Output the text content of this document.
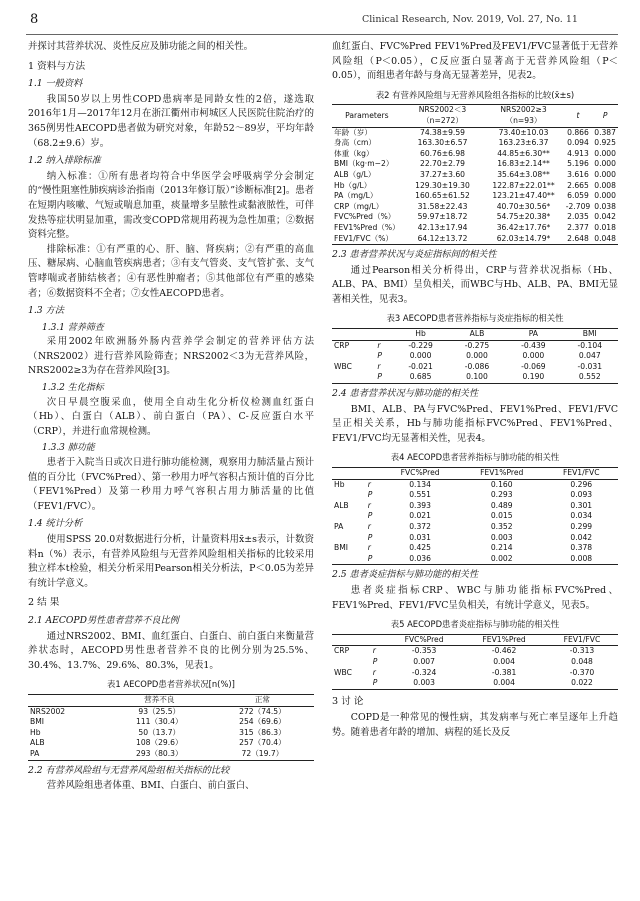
8	Clinical Research, Nov. 2019, Vol. 27, No. 11

并探讨其营养状况、炎性反应及肺功能之间的相关性。

1 资料与方法
1.1 一般资料

我国50岁以上男性COPD患病率是同龄女性的2倍，遂选取2016年1月—2017年12月在浙江衢州市柯城区人民医院住院治疗的365例男性AECOPD患者做为研究对象，年龄52～89岁，平均年龄（68.2±9.6）岁。

1.2 纳入排除标准

纳入标准：①所有患者均符合中华医学会呼吸病学分会制定的“慢性阻塞性肺疾病诊治指南（2013年修订版）”诊断标准[2]。患者在短期内咳嗽、气短或喘息加重，痰量增多呈脓性或黏液脓性，可伴发热等症状明显加重，需改变COPD常规用药视为急性加重；②数据资料完整。

排除标准：①有严重的心、肝、脑、肾疾病；②有严重的高血压、糖尿病、心脑血管疾病患者；③有支气管炎、支气管扩张、支气管哮喘或者肺结核者；④有恶性肿瘤者；⑤其他部位有严重的感染者；⑥数据资料不全者；⑦女性AECOPD患者。

1.3 方法
1.3.1 营养筛查

采用2002年欧洲肠外肠内营养学会制定的营养评估方法（NRS2002）进行营养风险筛查；NRS2002＜3为无营养风险，NRS2002≥3为存在营养风险[3]。

1.3.2 生化指标

次日早晨空腹采血，使用全自动生化分析仪检测血红蛋白（Hb）、白蛋白（ALB）、前白蛋白（PA）、C-反应蛋白水平（CRP），并进行血常规检测。

1.3.3 肺功能

患者于入院当日或次日进行肺功能检测，观察用力肺活量占预计值的百分比（FVC%Pred）、第一秒用力呼气容积占预计值的百分比（FEV1%Pred）及第一秒用力呼气容积占用力肺活量的比值（FEV1/FVC）。

1.4 统计分析

使用SPSS 20.0对数据进行分析，计量资料用x̄±s表示，计数资料n（%）表示，有营养风险组与无营养风险组相关指标的比较采用独立样本t检验，相关分析采用Pearson相关分析法，P＜0.05为差异有统计学意义。

2 结 果
2.1 AECOPD男性患者营养不良比例

通过NRS2002、BMI、血红蛋白、白蛋白、前白蛋白来衡量营养状态时，AECOPD男性患者营养不良的比例分别为25.5%、30.4%、13.7%、29.6%、80.3%，见表1。

表1 AECOPD患者营养状况[n(%)]
	营养不良	正常
NRS2002	93（25.5）	272（74.5）
BMI	111（30.4）	254（69.6）
Hb	50（13.7）	315（86.3）
ALB	108（29.6）	257（70.4）
PA	293（80.3）	72（19.7）
2.2 有营养风险组与无营养风险组相关指标的比较

营养风险组患者体重、BMI、白蛋白、前白蛋白、

血红蛋白、FVC%Pred FEV1%Pred及FEV1/FVC显著低于无营养风险组（P＜0.05），C反应蛋白显著高于无营养风险组（P＜0.05），而组患者年龄与身高无显著差异，见表2。

表2 有营养风险组与无营养风险组各指标的比较(x̄±s)
Parameters	NRS2002＜3 （n=272）	NRS2002≥3 （n=93）	t	P
年龄（岁）	74.38±9.59	73.40±10.03	0.866	0.387
身高（cm）	163.30±6.57	163.23±6.37	0.094	0.925
体重（kg）	60.76±6.98	44.85±6.30**	4.913	0.000
BMI（kg·m−2）	22.70±2.79	16.83±2.14**	5.196	0.000
ALB（g/L）	37.27±3.60	35.64±3.08**	3.616	0.000
Hb（g/L）	129.30±19.30	122.87±22.01**	2.665	0.008
PA（mg/L）	160.65±61.52	123.21±47.40**	6.059	0.000
CRP（mg/L）	31.58±22.43	40.70±30.56*	-2.709	0.038
FVC%Pred（%）	59.97±18.72	54.75±20.38*	2.035	0.042
FEV1%Pred（%）	42.13±17.94	36.42±17.76*	2.377	0.018
FEV1/FVC（%）	64.12±13.72	62.03±14.79*	2.648	0.048
2.3 患者营养状况与炎症指标间的相关性

通过Pearson相关分析得出，CRP与营养状况指标（Hb、ALB、PA、BMI）呈负相关，而WBC与Hb、ALB、PA、BMI无显著相关性，见表3。

表3 AECOPD患者营养指标与炎症指标的相关性
		Hb	ALB	PA	BMI
CRP	r	-0.229	-0.275	-0.439	-0.104
	P	0.000	0.000	0.000	0.047
WBC	r	-0.021	-0.086	-0.069	-0.031
	P	0.685	0.100	0.190	0.552
2.4 患者营养状况与肺功能的相关性

BMI、ALB、PA与FVC%Pred、FEV1%Pred、FEV1/FVC呈正相关关系，Hb与肺功能指标FVC%Pred、FEV1%Pred、FEV1/FVC均无显著相关性，见表4。

表4 AECOPD患者营养指标与肺功能的相关性
		FVC%Pred	FEV1%Pred	FEV1/FVC
Hb	r	0.134	0.160	0.296
	P	0.551	0.293	0.093
ALB	r	0.393	0.489	0.301
	P	0.021	0.015	0.034
PA	r	0.372	0.352	0.299
	P	0.031	0.003	0.042
BMI	r	0.425	0.214	0.378
	P	0.036	0.002	0.008
2.5 患者炎症指标与肺功能的相关性

患者炎症指标CRP、WBC与肺功能指标FVC%Pred、FEV1%Pred、FEV1/FVC呈负相关，有统计学意义，见表5。

表5 AECOPD患者炎症指标与肺功能的相关性
		FVC%Pred	FEV1%Pred	FEV1/FVC
CRP	r	-0.353	-0.462	-0.313
	P	0.007	0.004	0.048
WBC	r	-0.324	-0.381	-0.370
	P	0.003	0.004	0.022
3 讨 论

COPD是一种常见的慢性病，其发病率与死亡率呈逐年上升趋势。随着患者年龄的增加、病程的延长及反
